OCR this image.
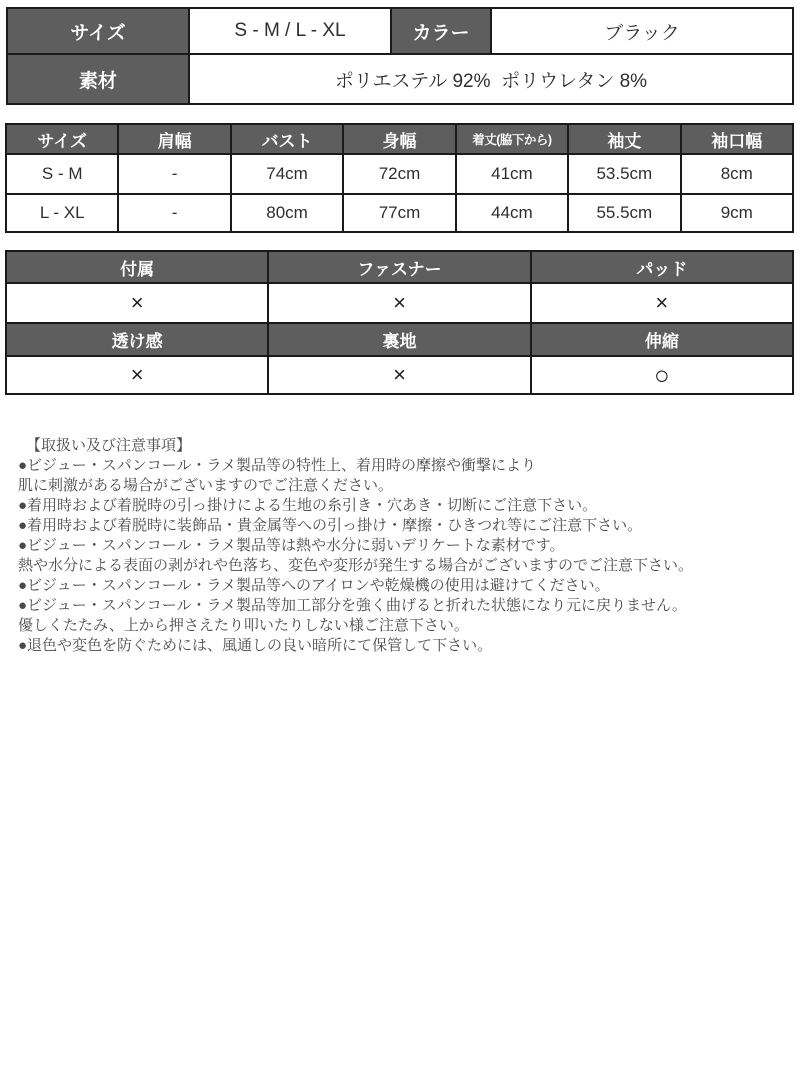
サイズ	S - M / L - XL	カラー	ブラック
素材	ポリエステル 92%  ポリウレタン 8%
サイズ	肩幅	バスト	身幅	着丈(脇下から)	袖丈	袖口幅
S - M	-	74cm	72cm	41cm	53.5cm	8cm
L - XL	-	80cm	77cm	44cm	55.5cm	9cm
付属	ファスナー	パッド
×	×	×
透け感	裏地	伸縮
×	×	○
【取扱い及び注意事項】
●ビジュー・スパンコール・ラメ製品等の特性上、着用時の摩擦や衝撃により
肌に刺激がある場合がございますのでご注意ください。
●着用時および着脱時の引っ掛けによる生地の糸引き・穴あき・切断にご注意下さい。
●着用時および着脱時に装飾品・貴金属等への引っ掛け・摩擦・ひきつれ等にご注意下さい。
●ビジュー・スパンコール・ラメ製品等は熱や水分に弱いデリケートな素材です。
熱や水分による表面の剥がれや色落ち、変色や変形が発生する場合がございますのでご注意下さい。
●ビジュー・スパンコール・ラメ製品等へのアイロンや乾燥機の使用は避けてください。
●ビジュー・スパンコール・ラメ製品等加工部分を強く曲げると折れた状態になり元に戻りません。
優しくたたみ、上から押さえたり叩いたりしない様ご注意下さい。
●退色や変色を防ぐためには、風通しの良い暗所にて保管して下さい。
